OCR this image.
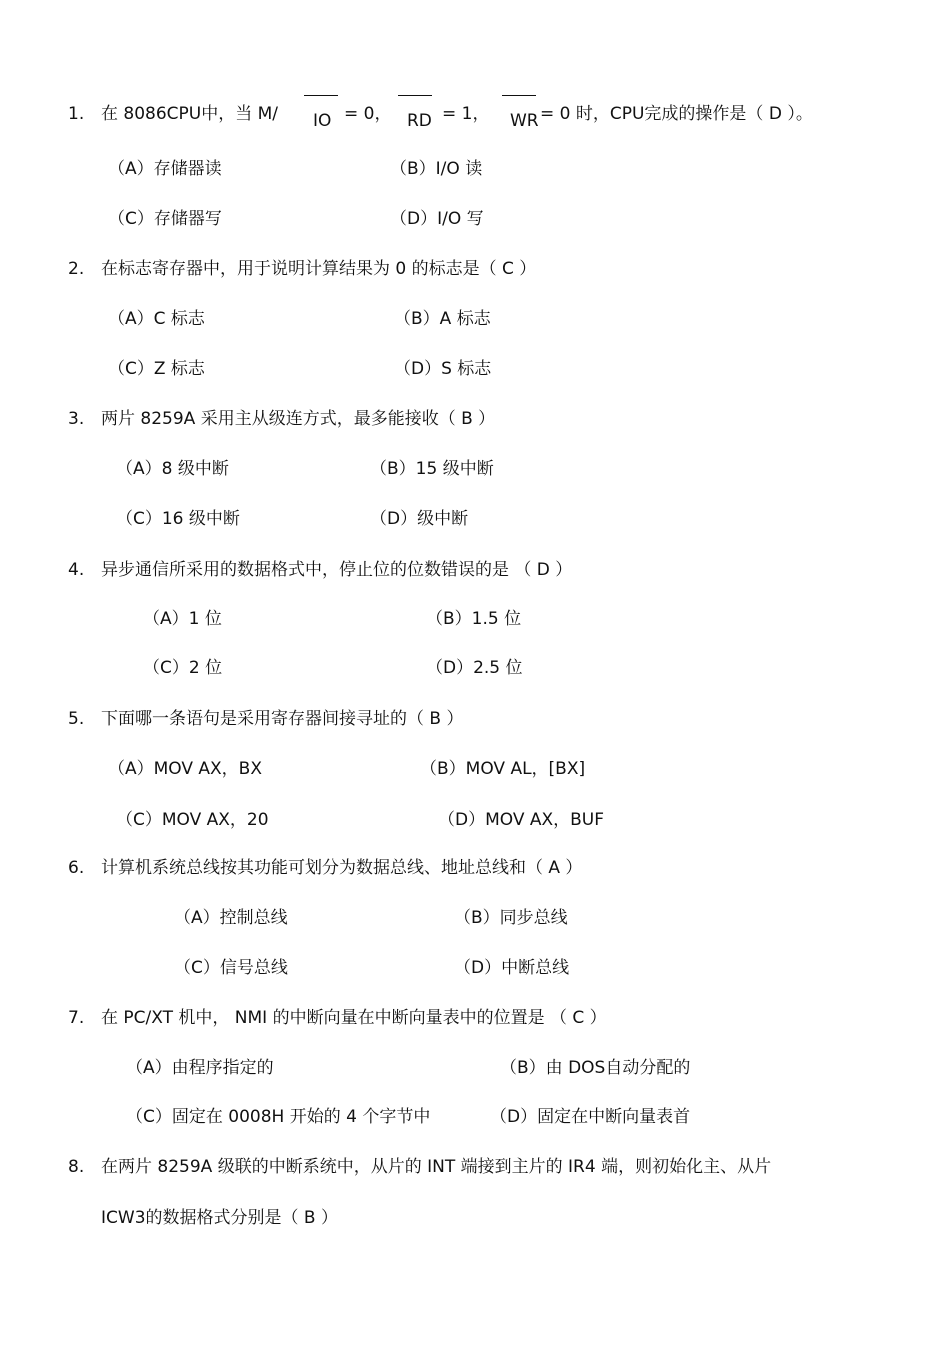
1. 在 8086CPU中，当 M/ IO = 0， RD = 1， WR = 0 时，CPU完成的操作是（ D ）。
（A）存储器读	（B）I/O 读
（C）存储器写	（D）I/O 写
2. 在标志寄存器中，用于说明计算结果为 0 的标志是（ C ）
（A）C 标志	（B）A 标志
（C）Z 标志	（D）S 标志
3. 两片 8259A 采用主从级连方式，最多能接收（ B ）
（A）8 级中断	（B）15 级中断
（C）16 级中断	（D）级中断
4. 异步通信所采用的数据格式中，停止位的位数错误的是 （ D ）
（A）1 位	（B）1.5 位
（C）2 位	（D）2.5 位
5. 下面哪一条语句是采用寄存器间接寻址的（ B ）
（A）MOV AX，BX	（B）MOV AL，[BX]
（C）MOV AX，20	（D）MOV AX，BUF
6. 计算机系统总线按其功能可划分为数据总线、地址总线和（ A ）
（A）控制总线	（B）同步总线
（C）信号总线	（D）中断总线
7. 在 PC/XT 机中， NMI 的中断向量在中断向量表中的位置是 （ C ）
（A）由程序指定的	（B）由 DOS自动分配的
（C）固定在 0008H 开始的 4 个字节中	（D）固定在中断向量表首
8. 在两片 8259A 级联的中断系统中，从片的 INT 端接到主片的 IR4 端，则初始化主、从片
ICW3的数据格式分别是（ B ）
